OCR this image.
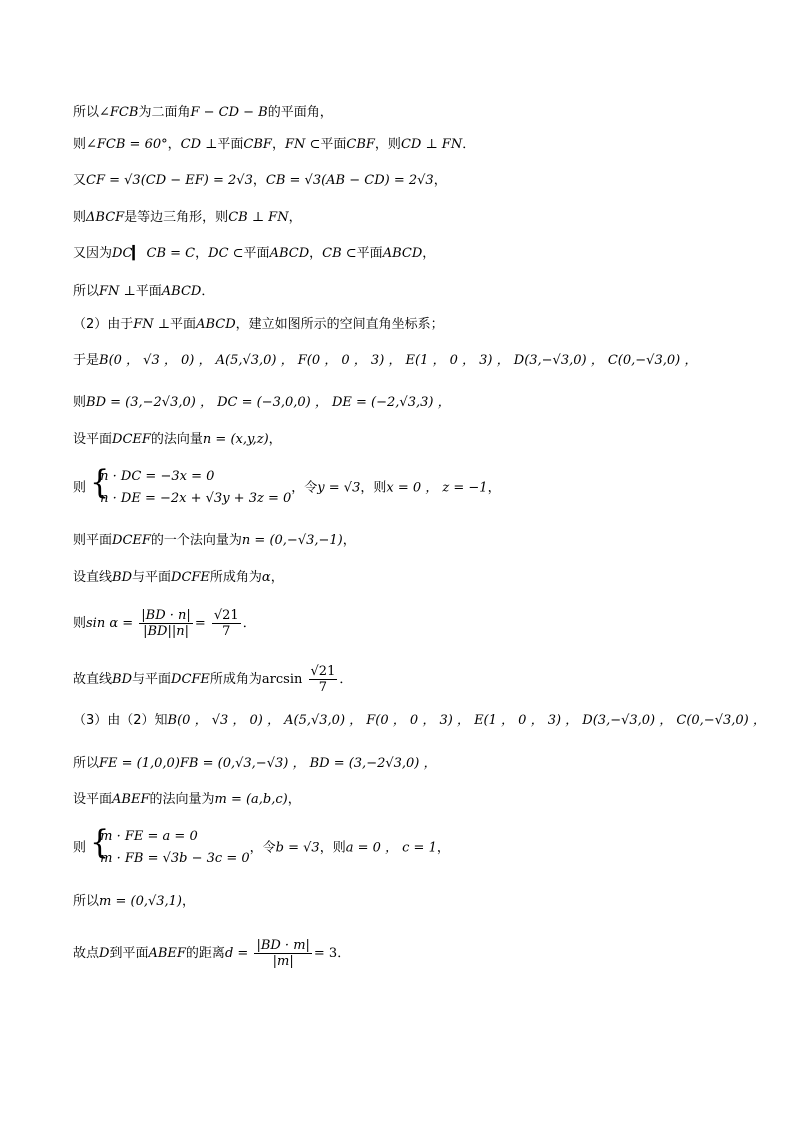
所以∠FCB为二面角F − CD − B的平面角，
则∠FCB = 60°，CD ⊥平面CBF，FN ⊂平面CBF，则CD ⊥ FN．
又CF = √3(CD − EF) = 2√3，CB = √3(AB − CD) = 2√3，
则ΔBCF是等边三角形，则CB ⊥ FN，
又因为DC▎ CB = C，DC ⊂平面ABCD，CB ⊂平面ABCD，
所以FN ⊥平面ABCD．
（2）由于FN ⊥平面ABCD，建立如图所示的空间直角坐标系；
于是B(0 ， √3 ， 0) ， A(5,√3,0) ， F(0 ， 0 ， 3) ， E(1 ， 0 ， 3) ， D(3,−√3,0) ， C(0,−√3,0) ，
则BD = (3,−2√3,0) ， DC = (−3,0,0) ， DE = (−2,√3,3) ，
设平面DCEF的法向量n = (x,y,z)，
则 {
n · DC = −3x = 0
n · DE = −2x + √3y + 3z = 0
，令y = √3，则x = 0 ， z = −1，
则平面DCEF的一个法向量为n = (0,−√3,−1)，
设直线BD与平面DCFE所成角为α，
则$\sin \alpha = \frac{|BD \cdot n|}{|BD||n|} = \frac{√21}{7}$ ．
故直线BD与平面DCFE所成角为$\arcsin \frac{√21}{7}$ ．
（3）由（2）知B(0 ， √3 ， 0) ， A(5,√3,0) ， F(0 ， 0 ， 3) ， E(1 ， 0 ， 3) ， D(3,−√3,0) ， C(0,−√3,0) ，
所以FE = (1,0,0)FB = (0,√3,−√3) ， BD = (3,−2√3,0) ，
设平面ABEF的法向量为m = (a,b,c)，
则 {
m · FE = a = 0
m · FB = √3b − 3c = 0
，令b = √3，则a = 0 ， c = 1，
所以m = (0,√3,1)，
故点D到平面ABEF的距离$d = \frac{|BD \cdot m|}{|m|} = 3$．
